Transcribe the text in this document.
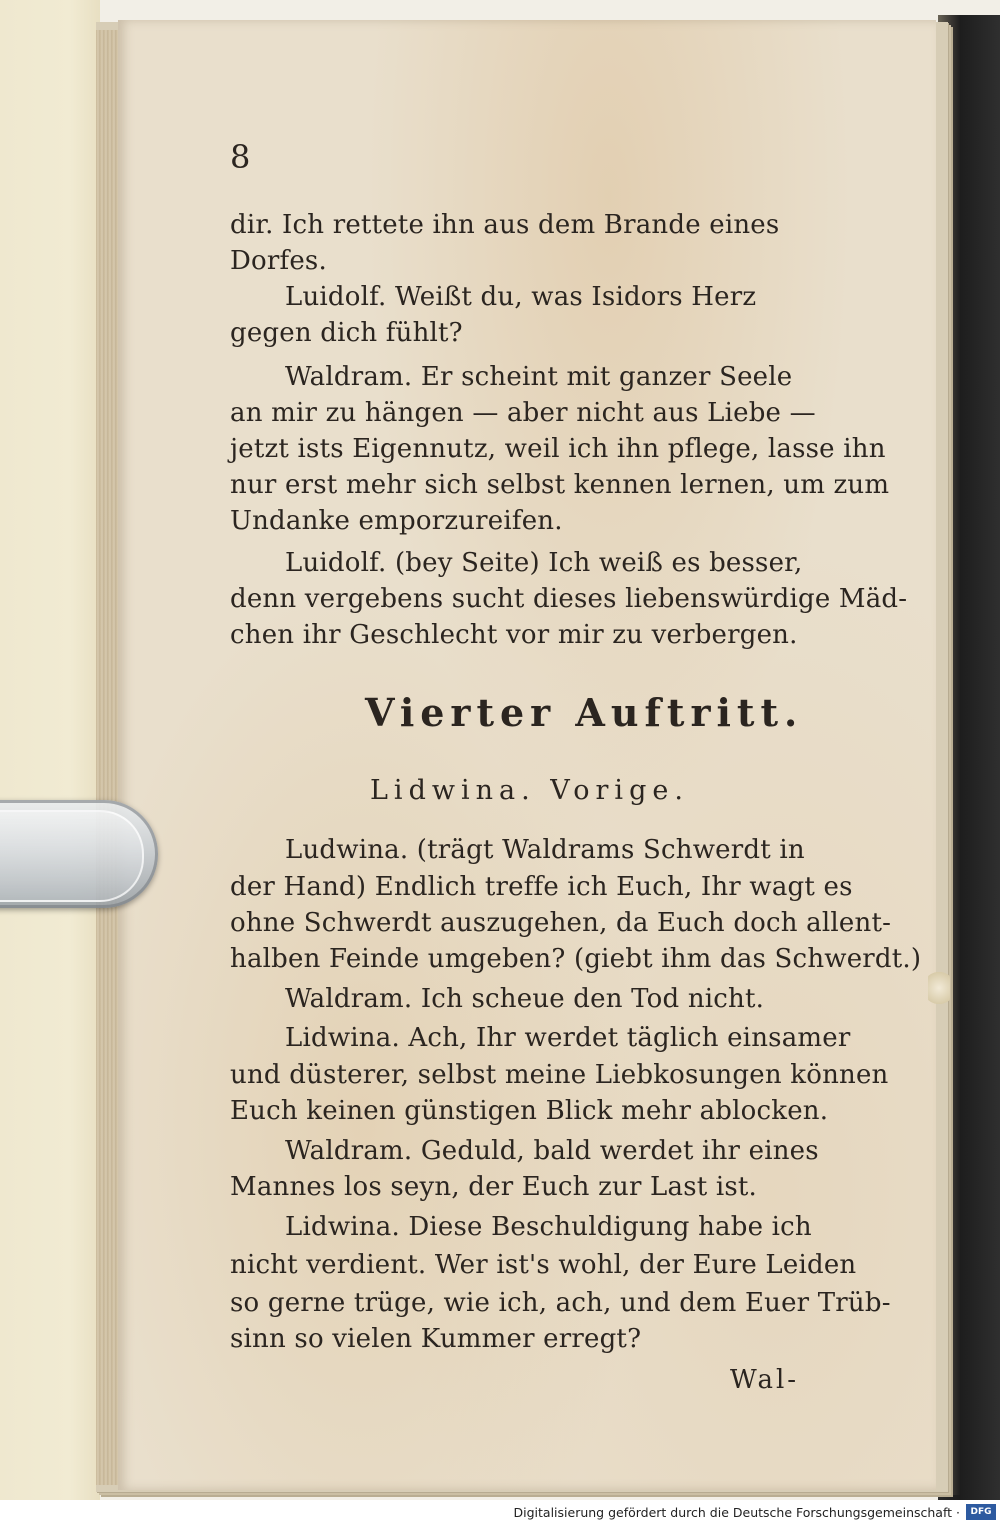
8
dir. Ich rettete ihn aus dem Brande eines
Dorfes.
Luidolf. Weißt du, was Isidors Herz
gegen dich fühlt?
Waldram. Er scheint mit ganzer Seele
an mir zu hängen — aber nicht aus Liebe —
jetzt ists Eigennutz, weil ich ihn pflege, lasse ihn
nur erst mehr sich selbst kennen lernen, um zum
Undanke emporzureifen.
Luidolf. (bey Seite) Ich weiß es besser,
denn vergebens sucht dieses liebenswürdige Mäd-
chen ihr Geschlecht vor mir zu verbergen.
Vierter Auftritt.
Lidwina. Vorige.
Ludwina. (trägt Waldrams Schwerdt in
der Hand) Endlich treffe ich Euch, Ihr wagt es
ohne Schwerdt auszugehen, da Euch doch allent-
halben Feinde umgeben? (giebt ihm das Schwerdt.)
Waldram. Ich scheue den Tod nicht.
Lidwina. Ach, Ihr werdet täglich einsamer
und düsterer, selbst meine Liebkosungen können
Euch keinen günstigen Blick mehr ablocken.
Waldram. Geduld, bald werdet ihr eines
Mannes los seyn, der Euch zur Last ist.
Lidwina. Diese Beschuldigung habe ich
nicht verdient. Wer ist's wohl, der Eure Leiden
so gerne trüge, wie ich, ach, und dem Euer Trüb-
sinn so vielen Kummer erregt?
Wal-
Digitalisierung gefördert durch die Deutsche Forschungsgemeinschaft ·	DFG
